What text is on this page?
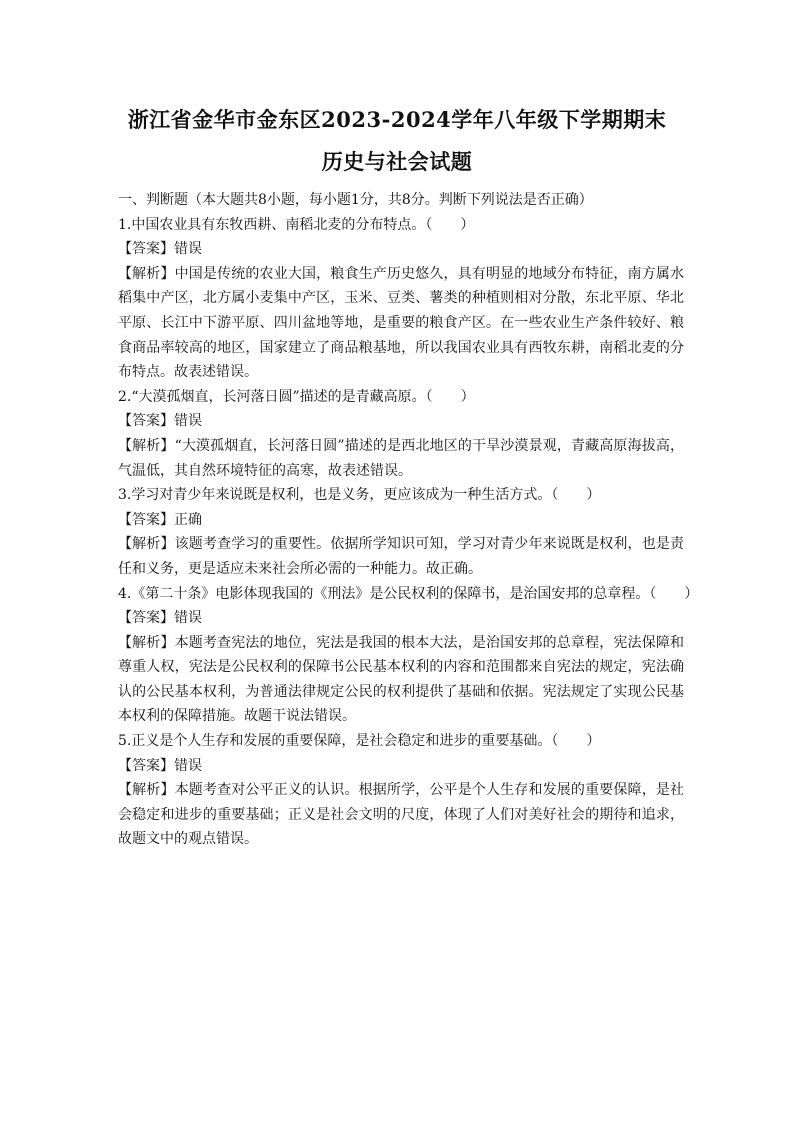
浙江省金华市金东区2023-2024学年八年级下学期期末
历史与社会试题

一、判断题（本大题共8小题，每小题1分，共8分。判断下列说法是否正确）

1.中国农业具有东牧西耕、南稻北麦的分布特点。（　　）

【答案】错误

【解析】中国是传统的农业大国，粮食生产历史悠久，具有明显的地域分布特征，南方属水稻集中产区，北方属小麦集中产区，玉米、豆类、薯类的种植则相对分散，东北平原、华北平原、长江中下游平原、四川盆地等地，是重要的粮食产区。在一些农业生产条件较好、粮食商品率较高的地区，国家建立了商品粮基地，所以我国农业具有西牧东耕，南稻北麦的分布特点。故表述错误。

2.“大漠孤烟直，长河落日圆”描述的是青藏高原。（　　）

【答案】错误

【解析】“大漠孤烟直，长河落日圆”描述的是西北地区的干旱沙漠景观，青藏高原海拔高，气温低，其自然环境特征的高寒，故表述错误。

3.学习对青少年来说既是权利，也是义务，更应该成为一种生活方式。（　　）

【答案】正确

【解析】该题考查学习的重要性。依据所学知识可知，学习对青少年来说既是权利，也是责任和义务，更是适应未来社会所必需的一种能力。故正确。

4.《第二十条》电影体现我国的《刑法》是公民权利的保障书，是治国安邦的总章程。（　　）

【答案】错误

【解析】本题考查宪法的地位，宪法是我国的根本大法，是治国安邦的总章程，宪法保障和尊重人权，宪法是公民权利的保障书公民基本权利的内容和范围都来自宪法的规定，宪法确认的公民基本权利，为普通法律规定公民的权利提供了基础和依据。宪法规定了实现公民基本权利的保障措施。故题干说法错误。

5.正义是个人生存和发展的重要保障，是社会稳定和进步的重要基础。（　　）

【答案】错误

【解析】本题考查对公平正义的认识。根据所学，公平是个人生存和发展的重要保障，是社会稳定和进步的重要基础；正义是社会文明的尺度，体现了人们对美好社会的期待和追求，故题文中的观点错误。
